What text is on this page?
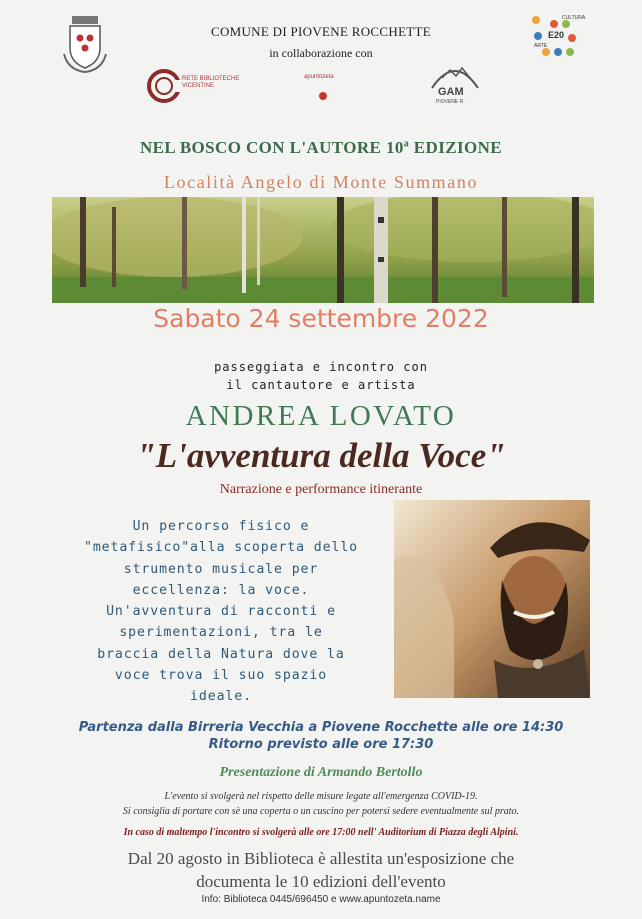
COMUNE DI PIOVENE ROCCHETTE
in collaborazione con
E20
CULTURA
ARTE
RETE BIBLIOTECHE VICENTINE
apuntozeta
GAM
PIOVENE R.
NEL BOSCO CON L'AUTORE 10$^a$ EDIZIONE
Località Angelo di Monte Summano
Sabato 24 settembre 2022
passeggiata e incontro con
il cantautore e artista
ANDREA LOVATO
"L'avventura della Voce"
Narrazione e performance itinerante
Un percorso fisico e
"metafisico"alla scoperta dello
strumento musicale per
eccellenza: la voce.
Un'avventura di racconti e
sperimentazioni, tra le
braccia della Natura dove la
voce trova il suo spazio
ideale.
Partenza dalla Birreria Vecchia a Piovene Rocchette alle ore 14:30
Ritorno previsto alle ore 17:30
Presentazione di Armando Bertollo
L'evento si svolgerà nel rispetto delle misure legate all'emergenza COVID-19.
Si consiglia di portare con sè una coperta o un cuscino per potersi sedere eventualmente sul prato.
In caso di maltempo l'incontro si svolgerà alle ore 17:00 nell' Auditorium di Piazza degli Alpini.
Dal 20 agosto in Biblioteca è allestita un'esposizione che
documenta le 10 edizioni dell'evento
Info: Biblioteca 0445/696450 e www.apuntozeta.name
